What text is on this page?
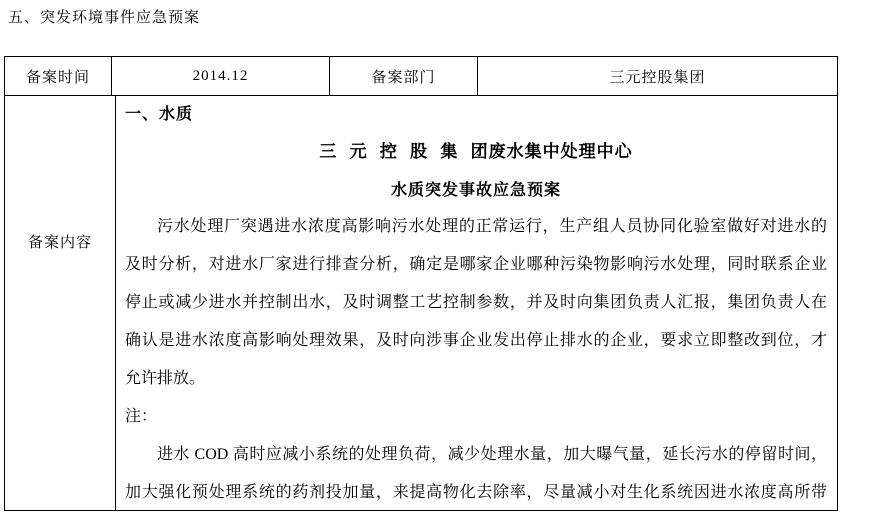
五、突发环境事件应急预案
备案时间	2014.12	备案部门	三元控股集团
备案内容
一、水质
三 元 控 股 集 团废水集中处理中心
水质突发事故应急预案
污水处理厂突遇进水浓度高影响污水处理的正常运行，生产组人员协同化验室做好对进水的
及时分析，对进水厂家进行排查分析，确定是哪家企业哪种污染物影响污水处理，同时联系企业
停止或减少进水并控制出水，及时调整工艺控制参数，并及时向集团负责人汇报，集团负责人在
确认是进水浓度高影响处理效果，及时向涉事企业发出停止排水的企业，要求立即整改到位，才
允许排放。
注：
进水 COD 高时应减小系统的处理负荷，减少处理水量，加大曝气量，延长污水的停留时间，
加大强化预处理系统的药剂投加量，来提高物化去除率，尽量减小对生化系统因进水浓度高所带
